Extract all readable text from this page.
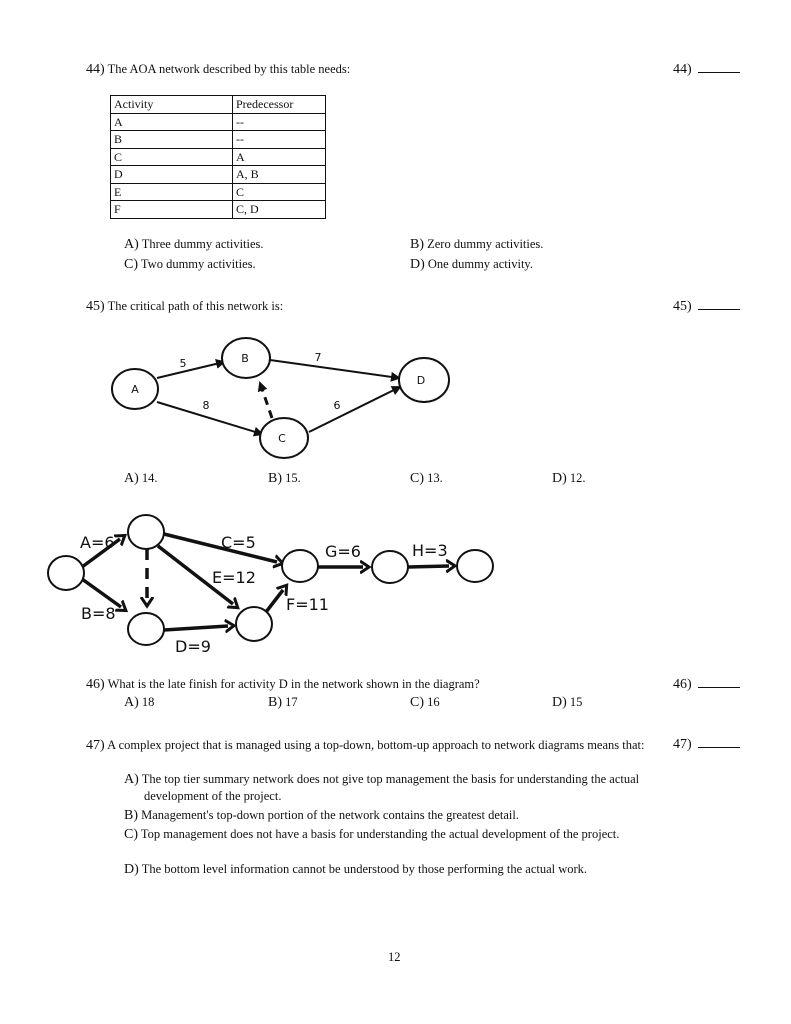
44) The AOA network described by this table needs:	44)
Activity	Predecessor
A	--
B	--
C	A
D	A, B
E	C
F	C, D
A) Three dummy activities.	B) Zero dummy activities.
C) Two dummy activities.	D) One dummy activity.
45) The critical path of this network is:	45)
A
B
C
D
5
8
7
6
A=6
B=8
C=5
E=12
D=9
F=11
G=6	H=3
A) 14.	B) 15.	C) 13.	D) 12.
46) What is the late finish for activity D in the network shown in the diagram?	46)
A) 18	B) 17	C) 16	D) 15
47) A complex project that is managed using a top-down, bottom-up approach to network diagrams means that:	47)
A) The top tier summary network does not give top management the basis for understanding the actual development of the project.
B) Management's top-down portion of the network contains the greatest detail.
C) Top management does not have a basis for understanding the actual development of the project.
D) The bottom level information cannot be understood by those performing the actual work.
12
